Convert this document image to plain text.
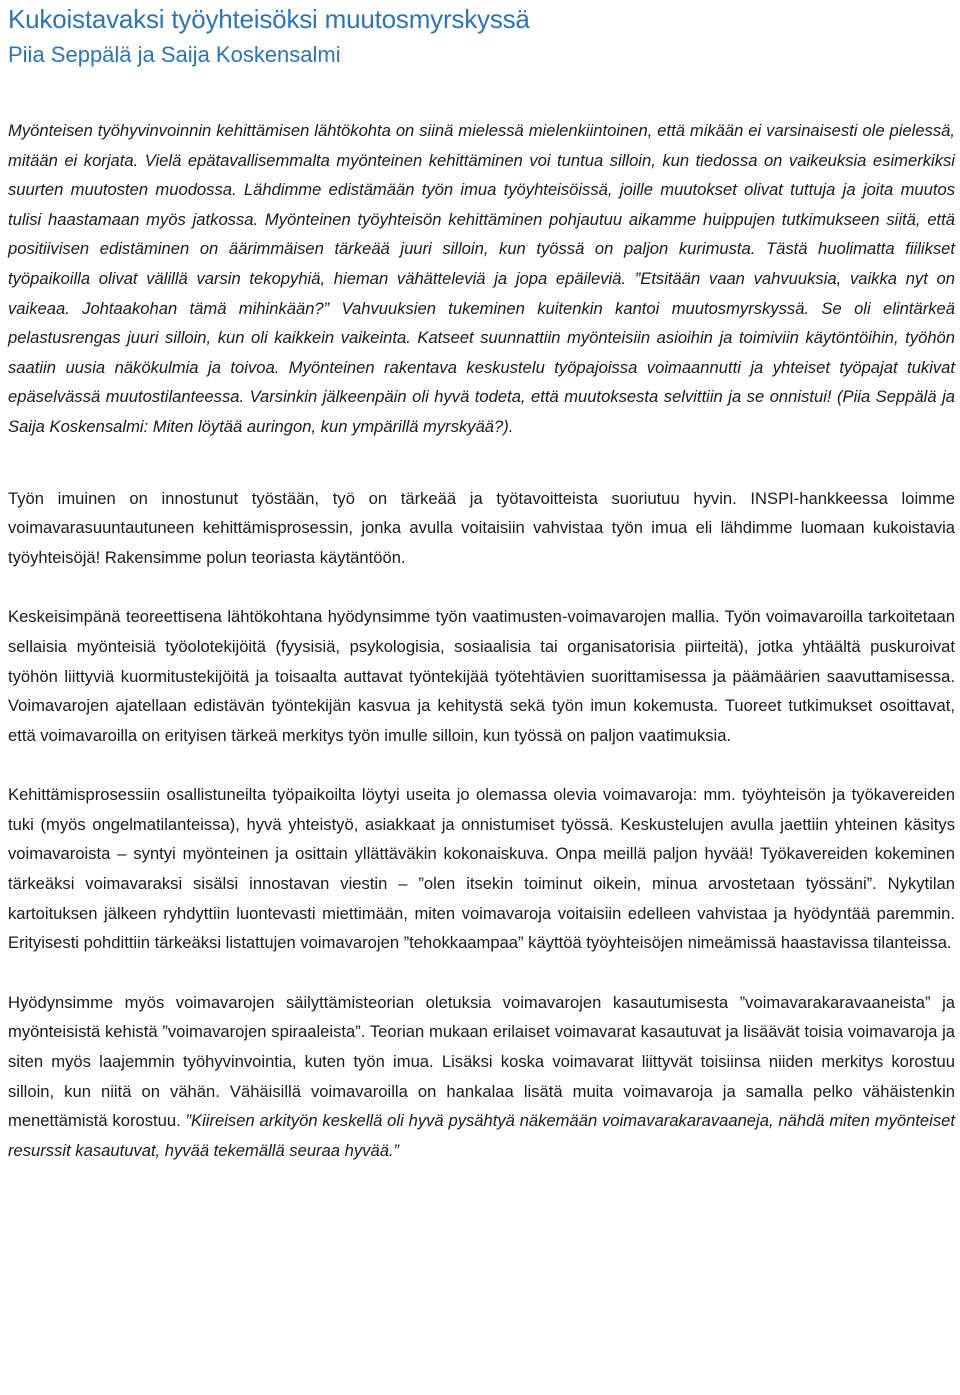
Kukoistavaksi työyhteisöksi muutosmyrskyssä
Piia Seppälä ja Saija Koskensalmi

Myönteisen työhyvinvoinnin kehittämisen lähtökohta on siinä mielessä mielenkiintoinen, että mikään ei varsinaisesti ole pielessä, mitään ei korjata. Vielä epätavallisemmalta myönteinen kehittäminen voi tuntua silloin, kun tiedossa on vaikeuksia esimerkiksi suurten muutosten muodossa. Lähdimme edistämään työn imua työyhteisöissä, joille muutokset olivat tuttuja ja joita muutos tulisi haastamaan myös jatkossa. Myönteinen työyhteisön kehittäminen pohjautuu aikamme huippujen tutkimukseen siitä, että positiivisen edistäminen on äärimmäisen tärkeää juuri silloin, kun työssä on paljon kurimusta. Tästä huolimatta fiilikset työpaikoilla olivat välillä varsin tekopyhiä, hieman vähätteleviä ja jopa epäileviä. ”Etsitään vaan vahvuuksia, vaikka nyt on vaikeaa. Johtaakohan tämä mihinkään?” Vahvuuksien tukeminen kuitenkin kantoi muutosmyrskyssä. Se oli elintärkeä pelastusrengas juuri silloin, kun oli kaikkein vaikeinta. Katseet suunnattiin myönteisiin asioihin ja toimiviin käytöntöihin, työhön saatiin uusia näkökulmia ja toivoa. Myönteinen rakentava keskustelu työpajoissa voimaannutti ja yhteiset työpajat tukivat epäselvässä muutostilanteessa. Varsinkin jälkeenpäin oli hyvä todeta, että muutoksesta selvittiin ja se onnistui! (Piia Seppälä ja Saija Koskensalmi: Miten löytää auringon, kun ympärillä myrskyää?).

Työn imuinen on innostunut työstään, työ on tärkeää ja työtavoitteista suoriutuu hyvin. INSPI-hankkeessa loimme voimavarasuuntautuneen kehittämisprosessin, jonka avulla voitaisiin vahvistaa työn imua eli lähdimme luomaan kukoistavia työyhteisöjä! Rakensimme polun teoriasta käytäntöön.

Keskeisimpänä teoreettisena lähtökohtana hyödynsimme työn vaatimusten-voimavarojen mallia. Työn voimavaroilla tarkoitetaan sellaisia myönteisiä työolotekijöitä (fyysisiä, psykologisia, sosiaalisia tai organisatorisia piirteitä), jotka yhtäältä puskuroivat työhön liittyviä kuormitustekijöitä ja toisaalta auttavat työntekijää työtehtävien suorittamisessa ja päämäärien saavuttamisessa. Voimavarojen ajatellaan edistävän työntekijän kasvua ja kehitystä sekä työn imun kokemusta. Tuoreet tutkimukset osoittavat, että voimavaroilla on erityisen tärkeä merkitys työn imulle silloin, kun työssä on paljon vaatimuksia.

Kehittämisprosessiin osallistuneilta työpaikoilta löytyi useita jo olemassa olevia voimavaroja: mm. työyhteisön ja työkavereiden tuki (myös ongelmatilanteissa), hyvä yhteistyö, asiakkaat ja onnistumiset työssä. Keskustelujen avulla jaettiin yhteinen käsitys voimavaroista – syntyi myönteinen ja osittain yllättäväkin kokonaiskuva. Onpa meillä paljon hyvää! Työkavereiden kokeminen tärkeäksi voimavaraksi sisälsi innostavan viestin – ”olen itsekin toiminut oikein, minua arvostetaan työssäni”. Nykytilan kartoituksen jälkeen ryhdyttiin luontevasti miettimään, miten voimavaroja voitaisiin edelleen vahvistaa ja hyödyntää paremmin. Erityisesti pohdittiin tärkeäksi listattujen voimavarojen ”tehokkaampaa” käyttöä työyhteisöjen nimeämissä haastavissa tilanteissa.

Hyödynsimme myös voimavarojen säilyttämisteorian oletuksia voimavarojen kasautumisesta ”voimavarakaravaaneista” ja myönteisistä kehistä ”voimavarojen spiraaleista”. Teorian mukaan erilaiset voimavarat kasautuvat ja lisäävät toisia voimavaroja ja siten myös laajemmin työhyvinvointia, kuten työn imua. Lisäksi koska voimavarat liittyvät toisiinsa niiden merkitys korostuu silloin, kun niitä on vähän. Vähäisillä voimavaroilla on hankalaa lisätä muita voimavaroja ja samalla pelko vähäistenkin menettämistä korostuu. ”Kiireisen arkityön keskellä oli hyvä pysähtyä näkemään voimavarakaravaaneja, nähdä miten myönteiset resurssit kasautuvat, hyvää tekemällä seuraa hyvää.”
